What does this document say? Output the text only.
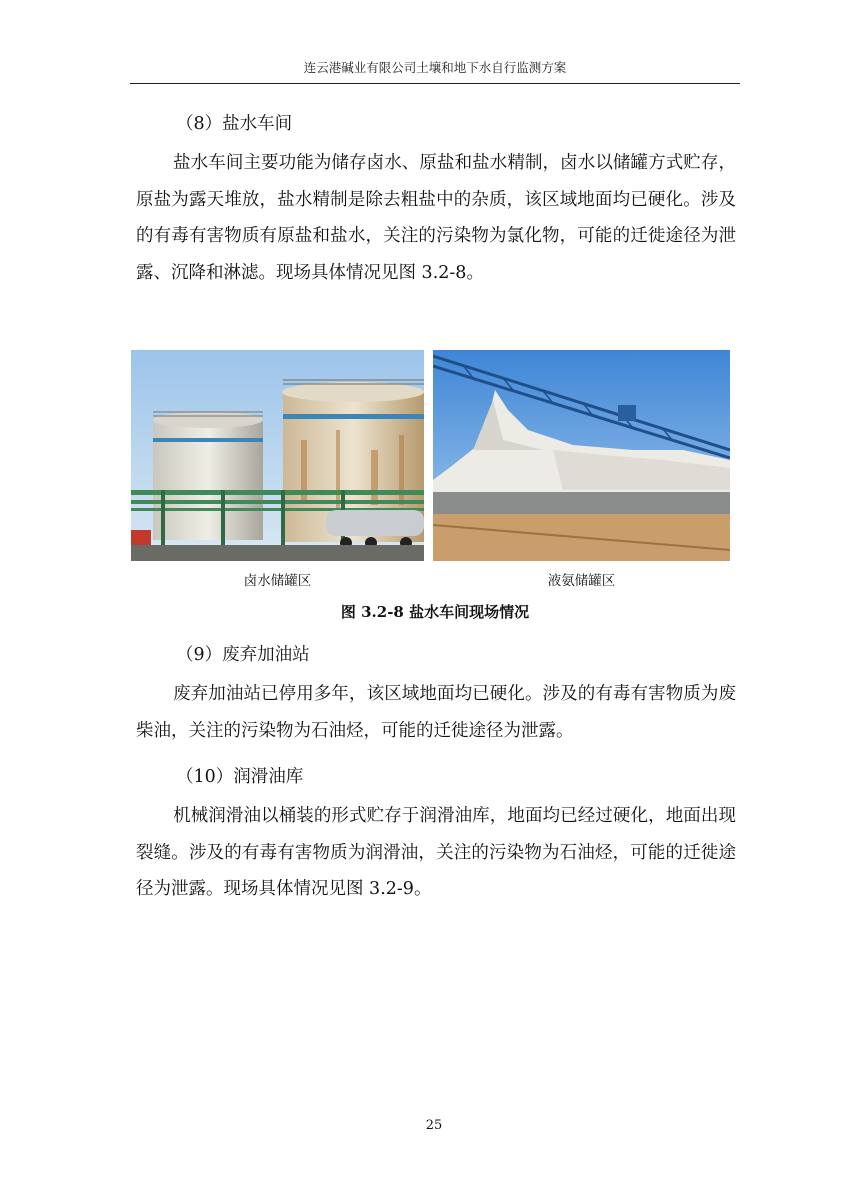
连云港碱业有限公司土壤和地下水自行监测方案
（8）盐水车间
盐水车间主要功能为储存卤水、原盐和盐水精制，卤水以储罐方式贮存，原盐为露天堆放，盐水精制是除去粗盐中的杂质，该区域地面均已硬化。涉及的有毒有害物质有原盐和盐水，关注的污染物为氯化物，可能的迁徙途径为泄露、沉降和淋滤。现场具体情况见图 3.2-8。
卤水储罐区	液氨储罐区
图 3.2-8 盐水车间现场情况
（9）废弃加油站
废弃加油站已停用多年，该区域地面均已硬化。涉及的有毒有害物质为废柴油，关注的污染物为石油烃，可能的迁徙途径为泄露。
（10）润滑油库
机械润滑油以桶装的形式贮存于润滑油库，地面均已经过硬化，地面出现裂缝。涉及的有毒有害物质为润滑油，关注的污染物为石油烃，可能的迁徙途径为泄露。现场具体情况见图 3.2-9。
25
